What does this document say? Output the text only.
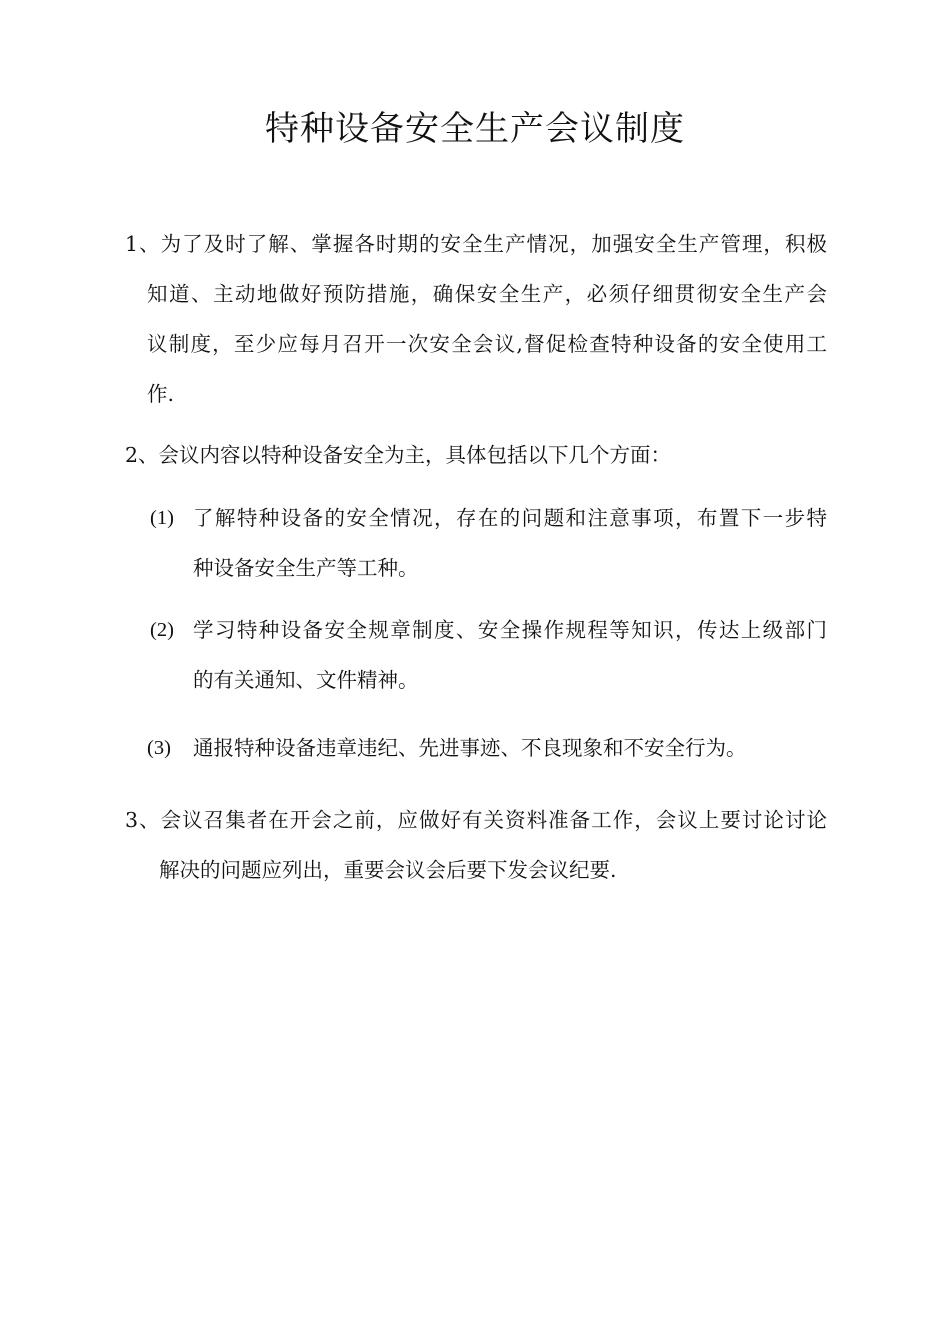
特种设备安全生产会议制度
1、为了及时了解、掌握各时期的安全生产情况，加强安全生产管理，积极
知道、主动地做好预防措施，确保安全生产，必须仔细贯彻安全生产会
议制度，至少应每月召开一次安全会议,督促检查特种设备的安全使用工
作.
2、会议内容以特种设备安全为主，具体包括以下几个方面：
(1) 了解特种设备的安全情况，存在的问题和注意事项，布置下一步特
种设备安全生产等工种。
(2) 学习特种设备安全规章制度、安全操作规程等知识，传达上级部门
的有关通知、文件精神。
(3) 通报特种设备违章违纪、先进事迹、不良现象和不安全行为。
3、会议召集者在开会之前，应做好有关资料准备工作，会议上要讨论讨论
解决的问题应列出，重要会议会后要下发会议纪要.
